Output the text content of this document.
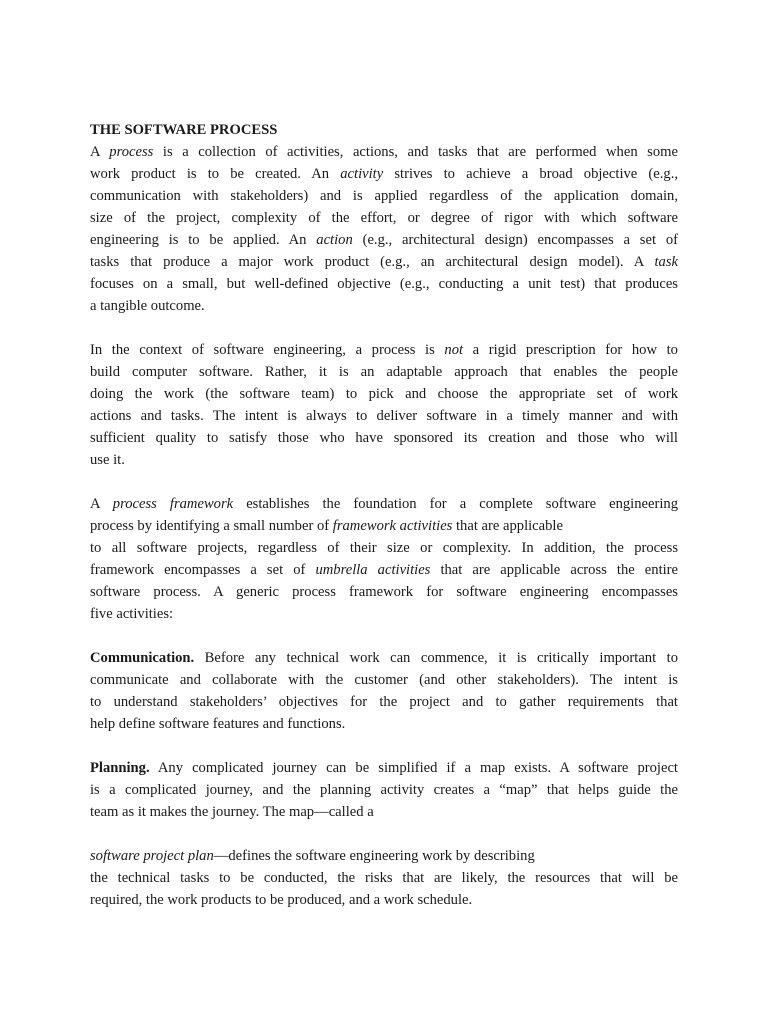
THE SOFTWARE PROCESS
A process is a collection of activities, actions, and tasks that are performed when some
work product is to be created. An activity strives to achieve a broad objective (e.g.,
communication with stakeholders) and is applied regardless of the application domain,
size of the project, complexity of the effort, or degree of rigor with which software
engineering is to be applied. An action (e.g., architectural design) encompasses a set of
tasks that produce a major work product (e.g., an architectural design model). A task
focuses on a small, but well-defined objective (e.g., conducting a unit test) that produces
a tangible outcome.
In the context of software engineering, a process is not a rigid prescription for how to
build computer software. Rather, it is an adaptable approach that enables the people
doing the work (the software team) to pick and choose the appropriate set of work
actions and tasks. The intent is always to deliver software in a timely manner and with
sufficient quality to satisfy those who have sponsored its creation and those who will
use it.
A process framework establishes the foundation for a complete software engineering
process by identifying a small number of framework activities that are applicable
to all software projects, regardless of their size or complexity. In addition, the process
framework encompasses a set of umbrella activities that are applicable across the entire
software process. A generic process framework for software engineering encompasses
five activities:
Communication. Before any technical work can commence, it is critically important to
communicate and collaborate with the customer (and other stakeholders). The intent is
to understand stakeholders’ objectives for the project and to gather requirements that
help define software features and functions.
Planning. Any complicated journey can be simplified if a map exists. A software project
is a complicated journey, and the planning activity creates a “map” that helps guide the
team as it makes the journey. The map—called a
software project plan—defines the software engineering work by describing
the technical tasks to be conducted, the risks that are likely, the resources that will be
required, the work products to be produced, and a work schedule.
